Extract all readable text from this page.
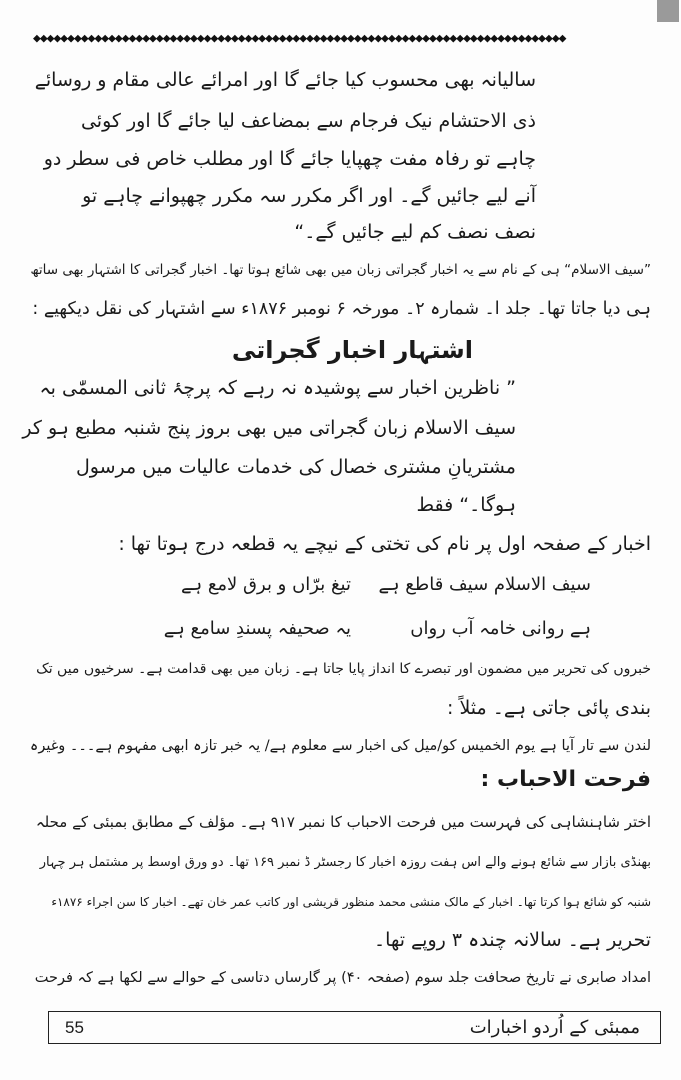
◆◆◆◆◆◆◆◆◆◆◆◆◆◆◆◆◆◆◆◆◆◆◆◆◆◆◆◆◆◆◆◆◆◆◆◆◆◆◆◆◆◆◆◆◆◆◆◆◆◆◆◆◆◆◆◆◆◆◆◆◆◆◆◆◆◆◆◆◆◆◆◆◆◆◆◆◆◆
سالیانہ بھی محسوب کیا جائے گا اور امرائے عالی مقام و روسائے
ذی الاحتشام نیک فرجام سے بمضاعف لیا جائے گا اور کوئی
چاہے تو رفاہ مفت چھپایا جائے گا اور مطلب خاص فی سطر دو
آنے لیے جائیں گے۔ اور اگر مکرر سہ مکرر چھپوانے چاہے تو
نصف نصف کم لیے جائیں گے۔“
”سیف الاسلام“ ہی کے نام سے یہ اخبار گجراتی زبان میں بھی شائع ہوتا تھا۔ اخبار گجراتی کا اشتہار بھی ساتھ
ہی دیا جاتا تھا۔ جلد ا۔ شمارہ ۲۔ مورخہ ۶ نومبر ۱۸۷۶ء سے اشتہار کی نقل دیکھیے :
اشتہار اخبار گجراتی
” ناظرین اخبار سے پوشیدہ نہ رہے کہ پرچۂ ثانی المسمّٰی بہ
سیف الاسلام زبان گجراتی میں بھی بروز پنج شنبہ مطبع ہو کر
مشتریانِ مشتری خصال کی خدمات عالیات میں مرسول
ہوگا۔“ فقط
اخبار کے صفحہ اول پر نام کی تختی کے نیچے یہ قطعہ درج ہوتا تھا :
سیف الاسلام سیف قاطع ہے
تیغ برّاں و برق لامع ہے
ہے روانی خامہ آب رواں
یہ صحیفہ پسندِ سامع ہے
خبروں کی تحریر میں مضمون اور تبصرے کا انداز پایا جاتا ہے۔ زبان میں بھی قدامت ہے۔ سرخیوں میں تک
بندی پائی جاتی ہے۔ مثلاً :
لندن سے تار آیا ہے یوم الخمیس کو/میل کی اخبار سے معلوم ہے/ یہ خبر تازہ ابھی مفہوم ہے۔۔۔ وغیرہ
فرحت الاحباب :
اختر شاہنشاہی کی فہرست میں فرحت الاحباب کا نمبر ۹۱۷ ہے۔ مؤلف کے مطابق بمبئی کے محلہ
بھنڈی بازار سے شائع ہونے والے اس ہفت روزہ اخبار کا رجسٹر ڈ نمبر ۱۶۹ تھا۔ دو ورق اوسط پر مشتمل ہر چہار
شنبہ کو شائع ہوا کرتا تھا۔ اخبار کے مالک منشی محمد منظور قریشی اور کاتب عمر خان تھے۔ اخبار کا سن اجراء ۱۸۷۶ء
تحریر ہے۔ سالانہ چندہ ۳ روپے تھا۔
امداد صابری نے تاریخ صحافت جلد سوم (صفحہ ۴۰) پر گارساں دتاسی کے حوالے سے لکھا ہے کہ فرحت
ممبئی کے اُردو اخبارات
55
